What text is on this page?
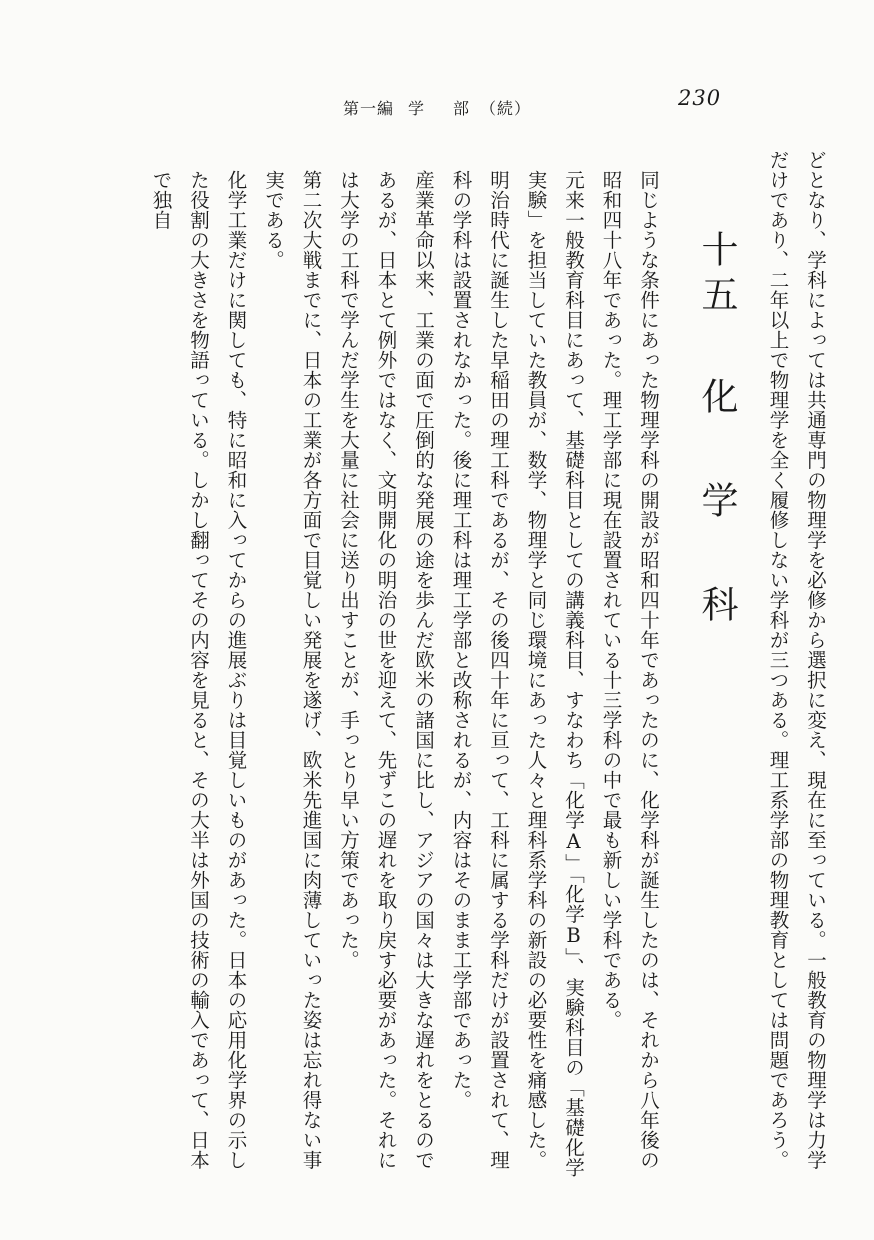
230
第一編 学 部 （続）

どとなり、学科によっては共通専門の物理学を必修から選択に変え、現在に至っている。一般教育の物理学は力学だけであり、二年以上で物理学を全く履修しない学科が三つある。理工系学部の物理教育としては問題であろう。

十五　化 学 科

同じような条件にあった物理学科の開設が昭和四十年であったのに、化学科が誕生したのは、それから八年後の昭和四十八年であった。理工学部に現在設置されている十三学科の中で最も新しい学科である。

元来一般教育科目にあって、基礎科目としての講義科目、すなわち「化学A」「化学B」、実験科目の「基礎化学実験」を担当していた教員が、数学、物理学と同じ環境にあった人々と理科系学科の新設の必要性を痛感した。

明治時代に誕生した早稲田の理工科であるが、その後四十年に亘って、工科に属する学科だけが設置されて、理科の学科は設置されなかった。後に理工科は理工学部と改称されるが、内容はそのまま工学部であった。

産業革命以来、工業の面で圧倒的な発展の途を歩んだ欧米の諸国に比し、アジアの国々は大きな遅れをとるのであるが、日本とて例外ではなく、文明開化の明治の世を迎えて、先ずこの遅れを取り戻す必要があった。それには大学の工科で学んだ学生を大量に社会に送り出すことが、手っとり早い方策であった。

第二次大戦までに、日本の工業が各方面で目覚しい発展を遂げ、欧米先進国に肉薄していった姿は忘れ得ない事実である。

化学工業だけに関しても、特に昭和に入ってからの進展ぶりは目覚しいものがあった。日本の応用化学界の示した役割の大きさを物語っている。しかし翻ってその内容を見ると、その大半は外国の技術の輸入であって、日本で独自
